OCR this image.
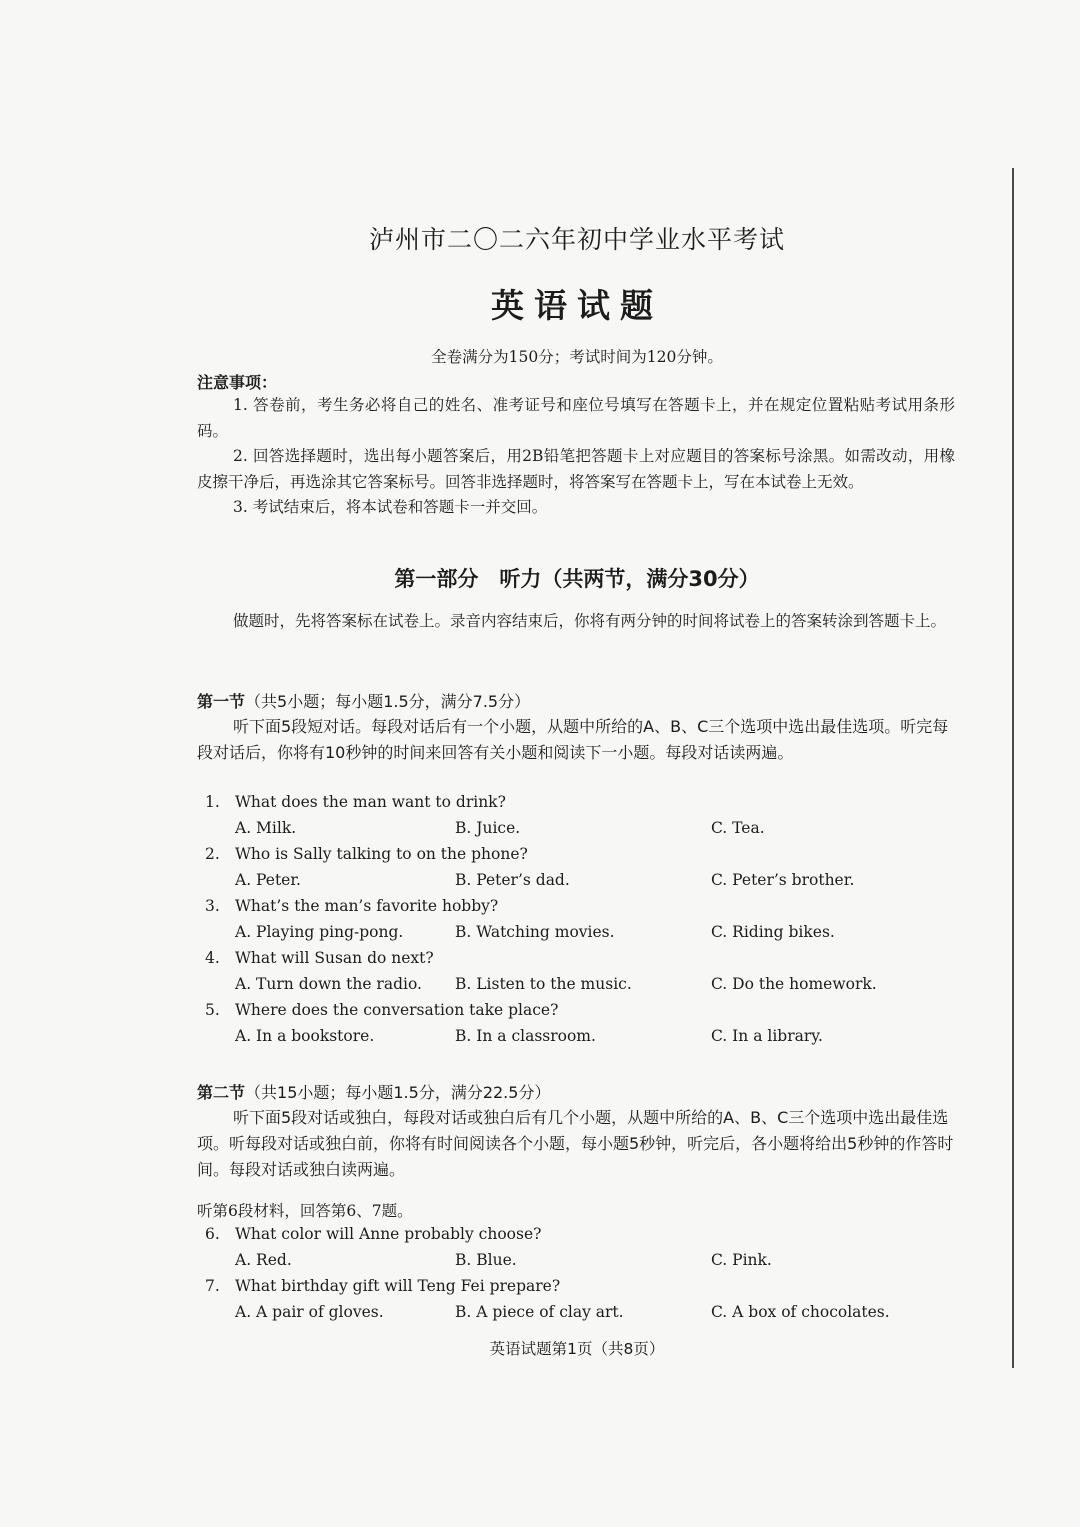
泸州市二〇二六年初中学业水平考试
英语试题
全卷满分为150分；考试时间为120分钟。
注意事项：

1. 答卷前，考生务必将自己的姓名、准考证号和座位号填写在答题卡上，并在规定位置粘贴考试用条形码。

2. 回答选择题时，选出每小题答案后，用2B铅笔把答题卡上对应题目的答案标号涂黑。如需改动，用橡皮擦干净后，再选涂其它答案标号。回答非选择题时，将答案写在答题卡上，写在本试卷上无效。

3. 考试结束后，将本试卷和答题卡一并交回。

第一部分　听力（共两节，满分30分）

做题时，先将答案标在试卷上。录音内容结束后，你将有两分钟的时间将试卷上的答案转涂到答题卡上。

第一节（共5小题；每小题1.5分，满分7.5分）

听下面5段短对话。每段对话后有一个小题，从题中所给的A、B、C三个选项中选出最佳选项。听完每段对话后，你将有10秒钟的时间来回答有关小题和阅读下一小题。每段对话读两遍。

1. What does the man want to drink?
A. Milk.	B. Juice.	C. Tea.
2. Who is Sally talking to on the phone?
A. Peter.	B. Peter’s dad.	C. Peter’s brother.
3. What’s the man’s favorite hobby?
A. Playing ping-pong.	B. Watching movies.	C. Riding bikes.
4. What will Susan do next?
A. Turn down the radio. B. Listen to the music.	C. Do the homework.
5. Where does the conversation take place?
A. In a bookstore.	B. In a classroom.	C. In a library.
第二节（共15小题；每小题1.5分，满分22.5分）

听下面5段对话或独白，每段对话或独白后有几个小题，从题中所给的A、B、C三个选项中选出最佳选项。听每段对话或独白前，你将有时间阅读各个小题，每小题5秒钟，听完后，各小题将给出5秒钟的作答时间。每段对话或独白读两遍。

听第6段材料，回答第6、7题。
6. What color will Anne probably choose?
A. Red.	B. Blue.	C. Pink.
7. What birthday gift will Teng Fei prepare?
A. A pair of gloves.	B. A piece of clay art.	C. A box of chocolates.
英语试题第1页（共8页）
